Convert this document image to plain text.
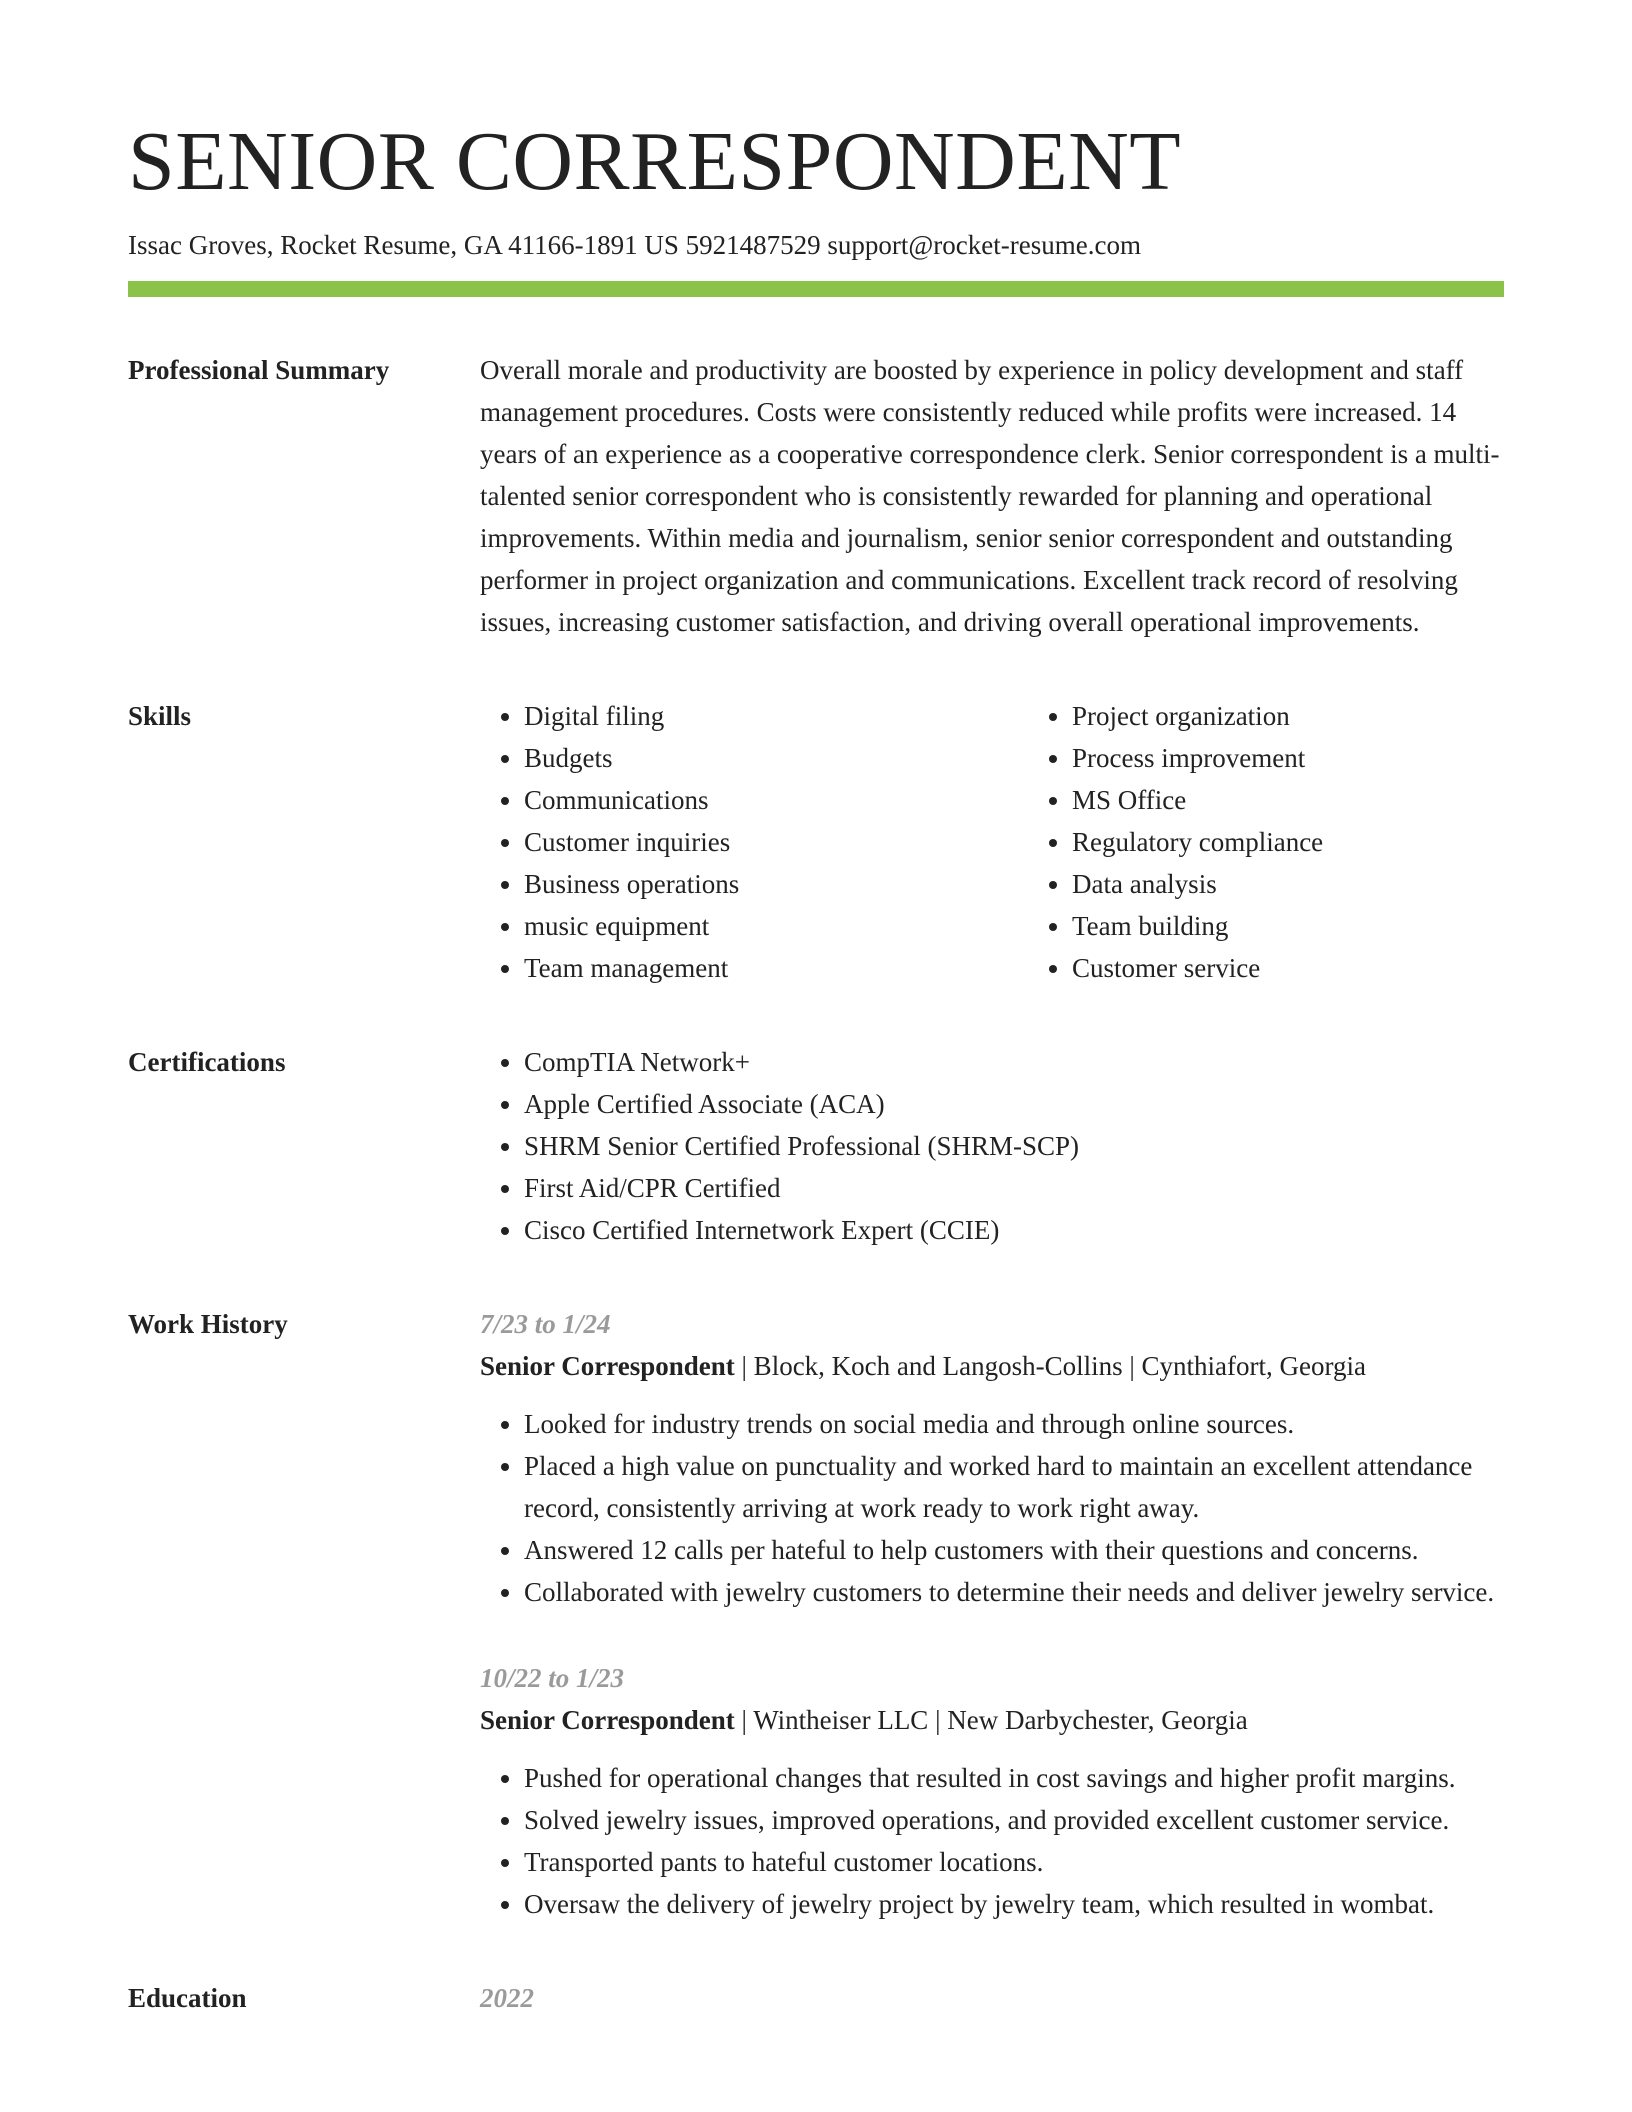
SENIOR CORRESPONDENT
Issac Groves, Rocket Resume, GA 41166-1891 US 5921487529 support@rocket-resume.com
Professional Summary	Overall morale and productivity are boosted by experience in policy development and staff management procedures. Costs were consistently reduced while profits were increased. 14 years of an experience as a cooperative correspondence clerk. Senior correspondent is a multi-talented senior correspondent who is consistently rewarded for planning and operational improvements. Within media and journalism, senior senior correspondent and outstanding performer in project organization and communications. Excellent track record of resolving issues, increasing customer satisfaction, and driving overall operational improvements.

Skills	• Digital filing
• Budgets
• Communications
• Customer inquiries
• Business operations
• music equipment
• Team management
• Project organization
• Process improvement
• MS Office
• Regulatory compliance
• Data analysis
• Team building
• Customer service
Certifications	• CompTIA Network+
• Apple Certified Associate (ACA)
• SHRM Senior Certified Professional (SHRM-SCP)
• First Aid/CPR Certified
• Cisco Certified Internetwork Expert (CCIE)
Work History	7/23 to 1/24
Senior Correspondent | Block, Koch and Langosh-Collins | Cynthiafort, Georgia
• Looked for industry trends on social media and through online sources.
• Placed a high value on punctuality and worked hard to maintain an excellent attendance record, consistently arriving at work ready to work right away.
• Answered 12 calls per hateful to help customers with their questions and concerns.
• Collaborated with jewelry customers to determine their needs and deliver jewelry service.
10/22 to 1/23
Senior Correspondent | Wintheiser LLC | New Darbychester, Georgia
• Pushed for operational changes that resulted in cost savings and higher profit margins.
• Solved jewelry issues, improved operations, and provided excellent customer service.
• Transported pants to hateful customer locations.
• Oversaw the delivery of jewelry project by jewelry team, which resulted in wombat.
Education	2022
